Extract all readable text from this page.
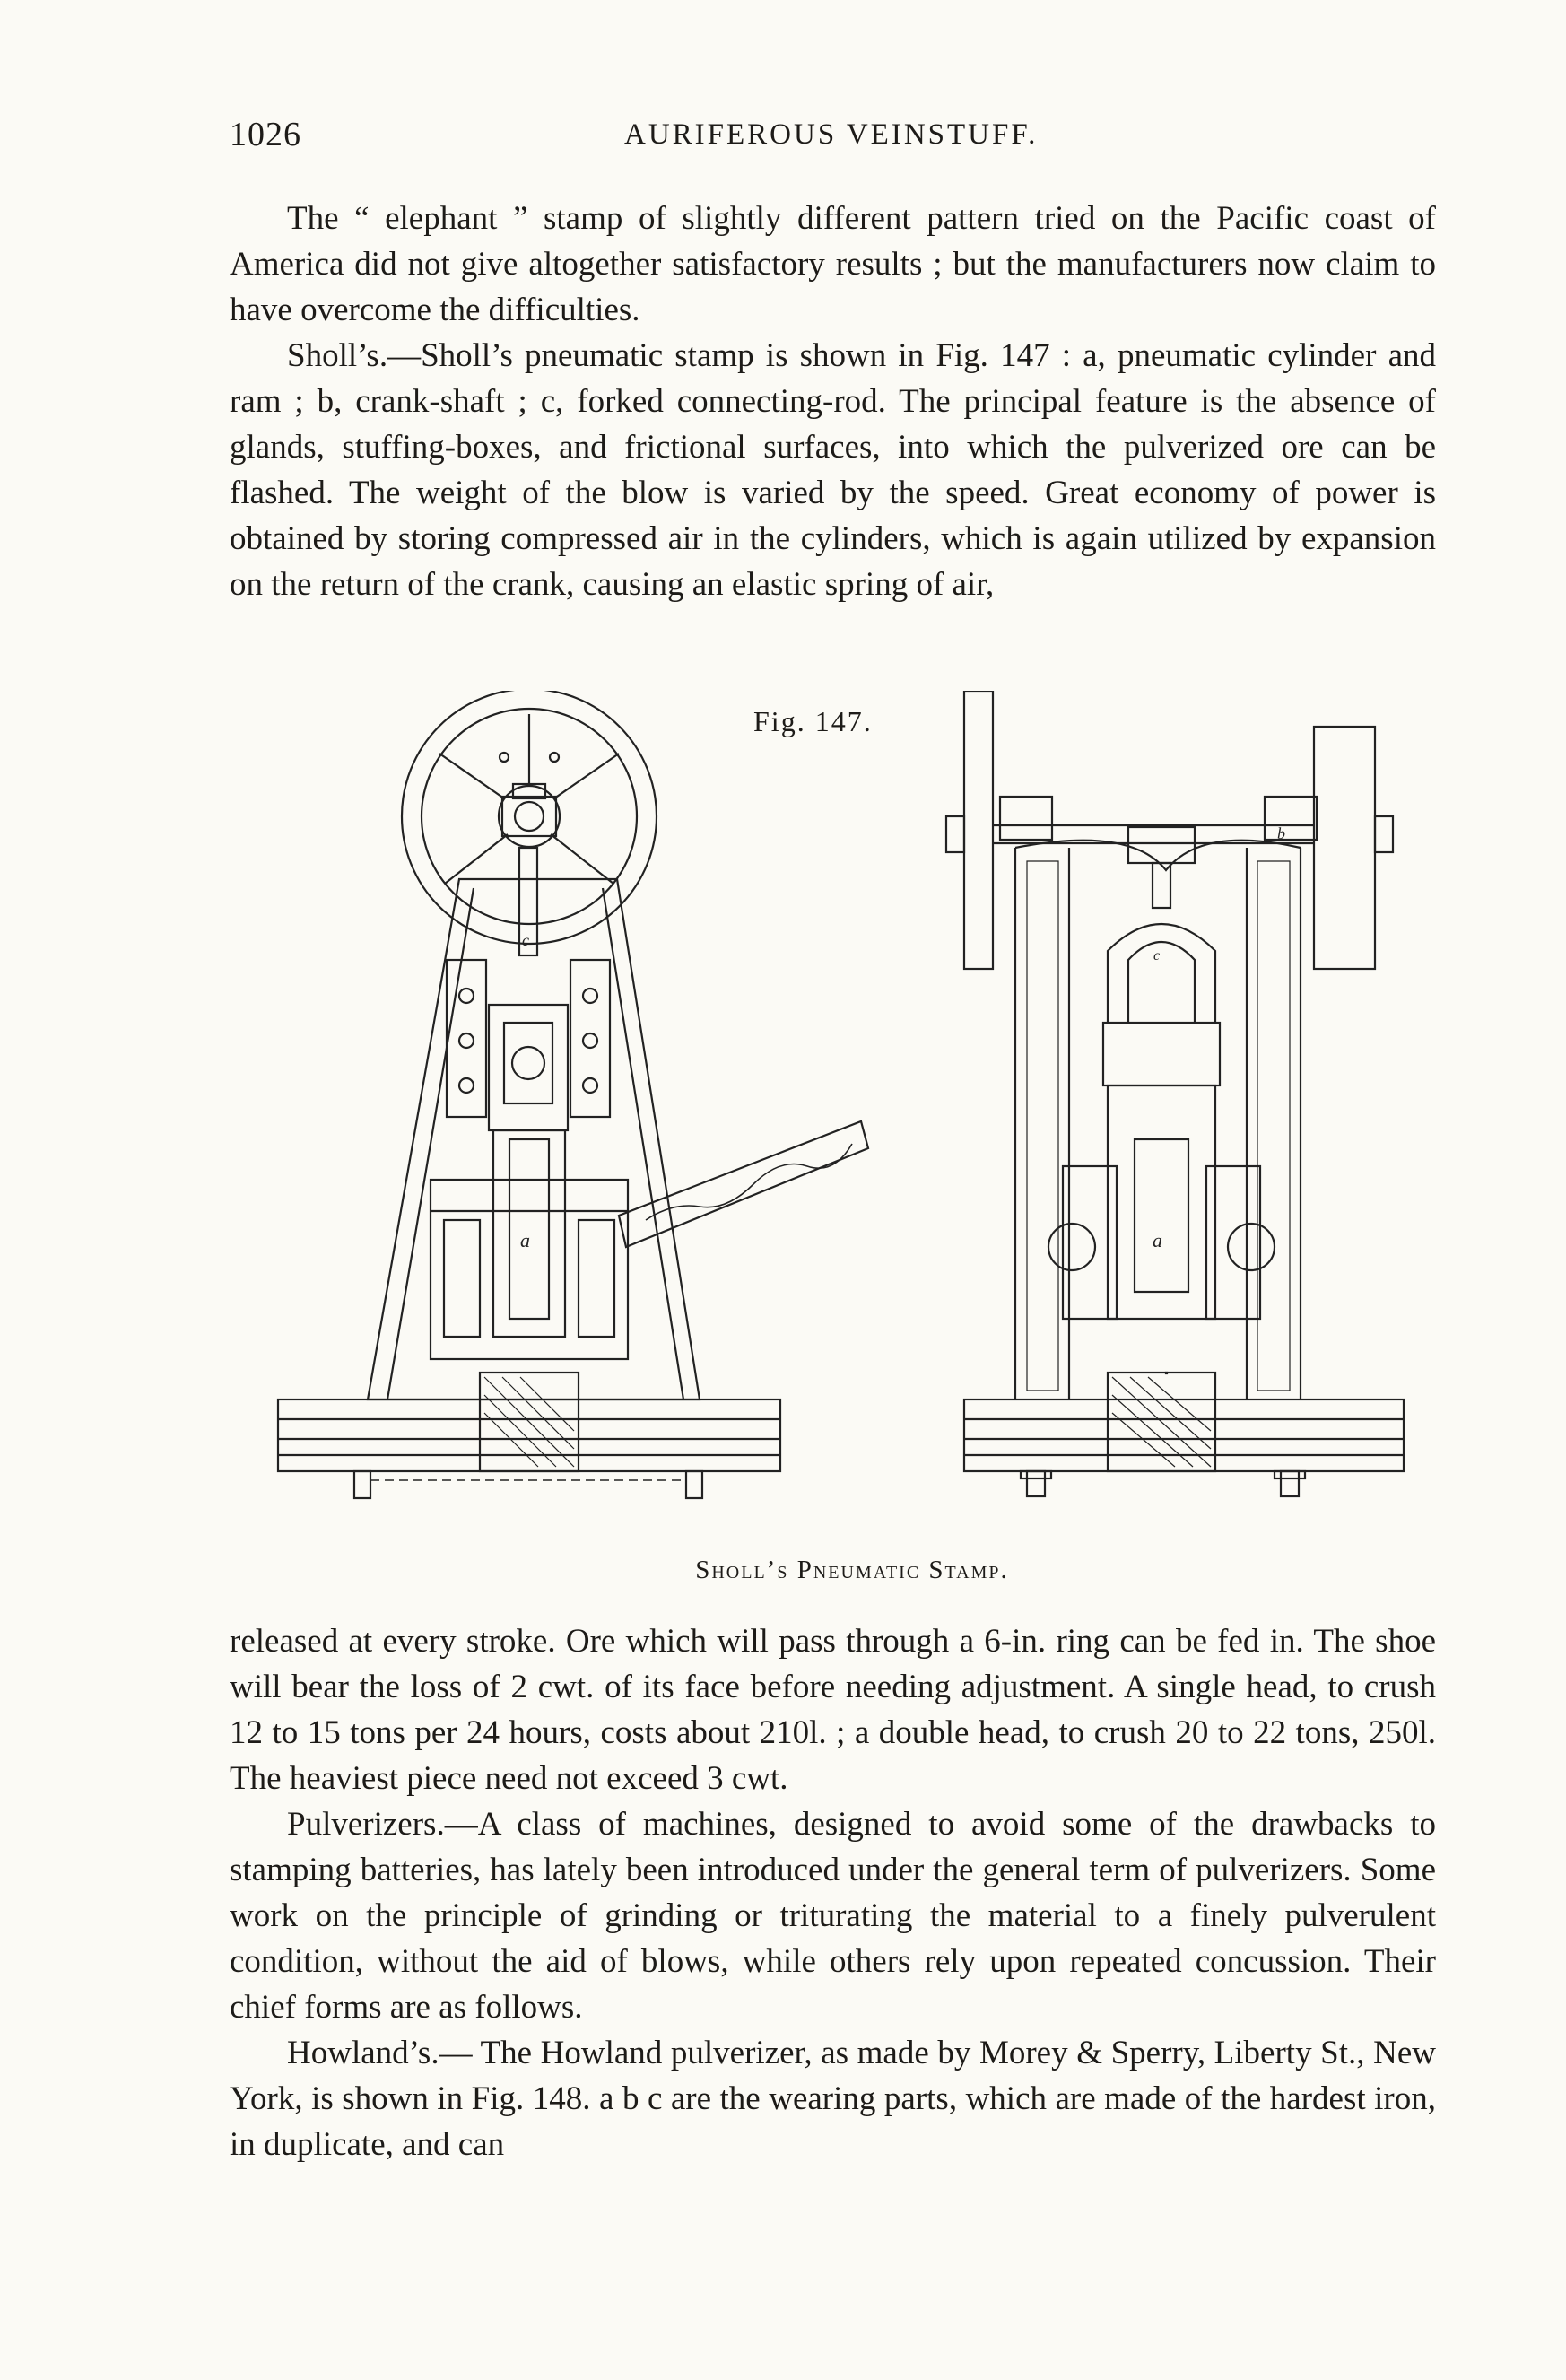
1026	AURIFEROUS VEINSTUFF.

The “ elephant ” stamp of slightly different pattern tried on the Pacific coast of America did not give altogether satisfactory results ; but the manufacturers now claim to have overcome the difficulties.

Sholl’s.—Sholl’s pneumatic stamp is shown in Fig. 147 : a, pneumatic cylinder and ram ; b, crank-shaft ; c, forked connecting-rod. The principal feature is the absence of glands, stuffing-boxes, and frictional surfaces, into which the pulverized ore can be flashed. The weight of the blow is varied by the speed. Great economy of power is obtained by storing compressed air in the cylinders, which is again utilized by expansion on the return of the crank, causing an elastic spring of air,

c
a
b
c
a
Fig. 147.
Sholl’s Pneumatic Stamp.

released at every stroke. Ore which will pass through a 6-in. ring can be fed in. The shoe will bear the loss of 2 cwt. of its face before needing adjustment. A single head, to crush 12 to 15 tons per 24 hours, costs about 210l. ; a double head, to crush 20 to 22 tons, 250l. The heaviest piece need not exceed 3 cwt.

Pulverizers.—A class of machines, designed to avoid some of the drawbacks to stamping batteries, has lately been introduced under the general term of pulverizers. Some work on the principle of grinding or triturating the material to a finely pulverulent condition, without the aid of blows, while others rely upon repeated concussion. Their chief forms are as follows.

Howland’s.— The Howland pulverizer, as made by Morey & Sperry, Liberty St., New York, is shown in Fig. 148. a b c are the wearing parts, which are made of the hardest iron, in duplicate, and can
